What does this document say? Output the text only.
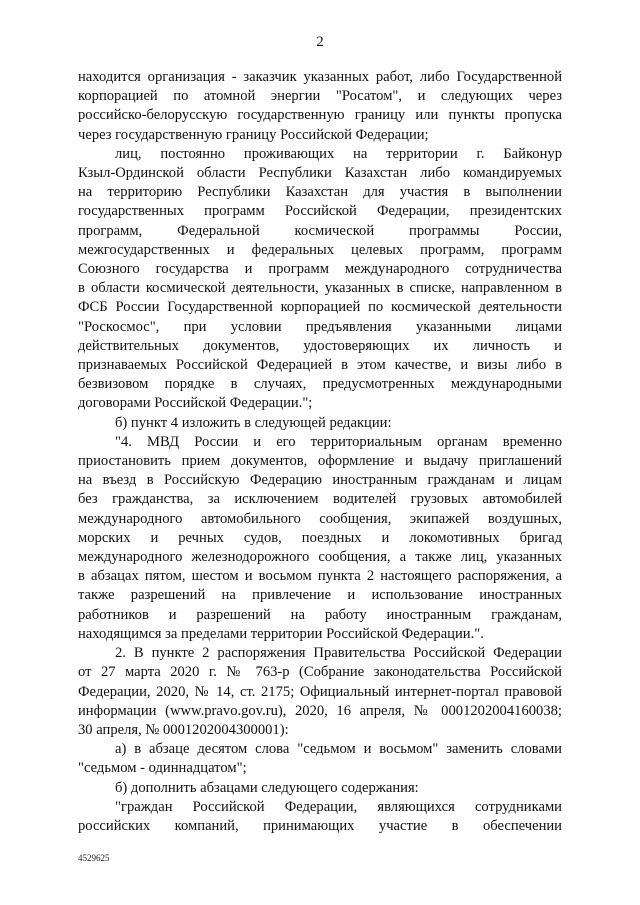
2

находится организация - заказчик указанных работ, либо Государственной

корпорацией по атомной энергии "Росатом", и следующих через

российско-белорусскую государственную границу или пункты пропуска

через государственную границу Российской Федерации;

лиц, постоянно проживающих на территории г. Байконур

Кзыл-Ординской области Республики Казахстан либо командируемых

на территорию Республики Казахстан для участия в выполнении

государственных программ Российской Федерации, президентских

программ, Федеральной космической программы России,

межгосударственных и федеральных целевых программ, программ

Союзного государства и программ международного сотрудничества

в области космической деятельности, указанных в списке, направленном в

ФСБ России Государственной корпорацией по космической деятельности

"Роскосмос", при условии предъявления указанными лицами

действительных документов, удостоверяющих их личность и

признаваемых Российской Федерацией в этом качестве, и визы либо в

безвизовом порядке в случаях, предусмотренных международными

договорами Российской Федерации.";

б) пункт 4 изложить в следующей редакции:

"4. МВД России и его территориальным органам временно

приостановить прием документов, оформление и выдачу приглашений

на въезд в Российскую Федерацию иностранным гражданам и лицам

без гражданства, за исключением водителей грузовых автомобилей

международного автомобильного сообщения, экипажей воздушных,

морских и речных судов, поездных и локомотивных бригад

международного железнодорожного сообщения, а также лиц, указанных

в абзацах пятом, шестом и восьмом пункта 2 настоящего распоряжения, а

также разрешений на привлечение и использование иностранных

работников и разрешений на работу иностранным гражданам,

находящимся за пределами территории Российской Федерации.".

2. В пункте 2 распоряжения Правительства Российской Федерации

от 27 марта 2020 г. № 763-р (Собрание законодательства Российской

Федерации, 2020, № 14, ст. 2175; Официальный интернет-портал правовой

информации (www.pravo.gov.ru), 2020, 16 апреля, № 0001202004160038;

30 апреля, № 0001202004300001):

а) в абзаце десятом слова "седьмом и восьмом" заменить словами

"седьмом - одиннадцатом";

б) дополнить абзацами следующего содержания:

"граждан Российской Федерации, являющихся сотрудниками

российских компаний, принимающих участие в обеспечении

4529625
